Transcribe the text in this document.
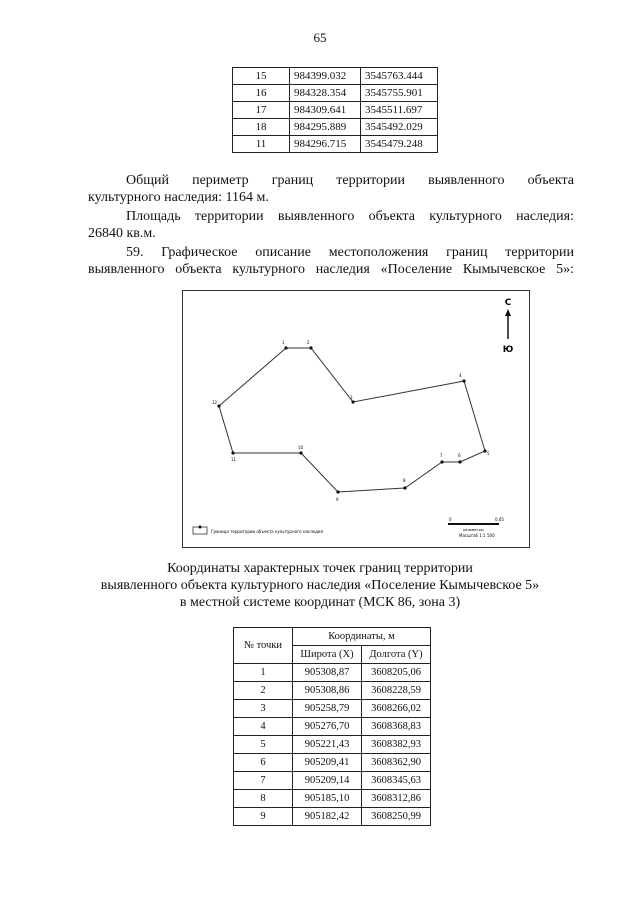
65
15	984399.032	3545763.444
16	984328.354	3545755.901
17	984309.641	3545511.697
18	984295.889	3545492.029
11	984296.715	3545479.248
Общий периметр границ территории выявленного объекта
культурного наследия: 1164 м.
Площадь территории выявленного объекта культурного наследия:
26840 кв.м.
59. Графическое описание местоположения границ территории
выявленного объекта культурного наследия «Поселение Кымычевское 5»:
1	2
3
4
5
6
7
8
9
10
11
12
С
Ю
Граница территории объекта культурного наследия
0	0,05
километры
Масштаб 1:1 500
Координаты характерных точек границ территории
выявленного объекта культурного наследия «Поселение Кымычевское 5»
в местной системе координат (МСК 86, зона 3)
№ точки	Координаты, м	
	Широта (X)	Долгота (Y)
1	905308,87	3608205,06
2	905308,86	3608228,59
3	905258,79	3608266,02
4	905276,70	3608368,83
5	905221,43	3608382,93
6	905209,41	3608362,90
7	905209,14	3608345,63
8	905185,10	3608312,86
9	905182,42	3608250,99
